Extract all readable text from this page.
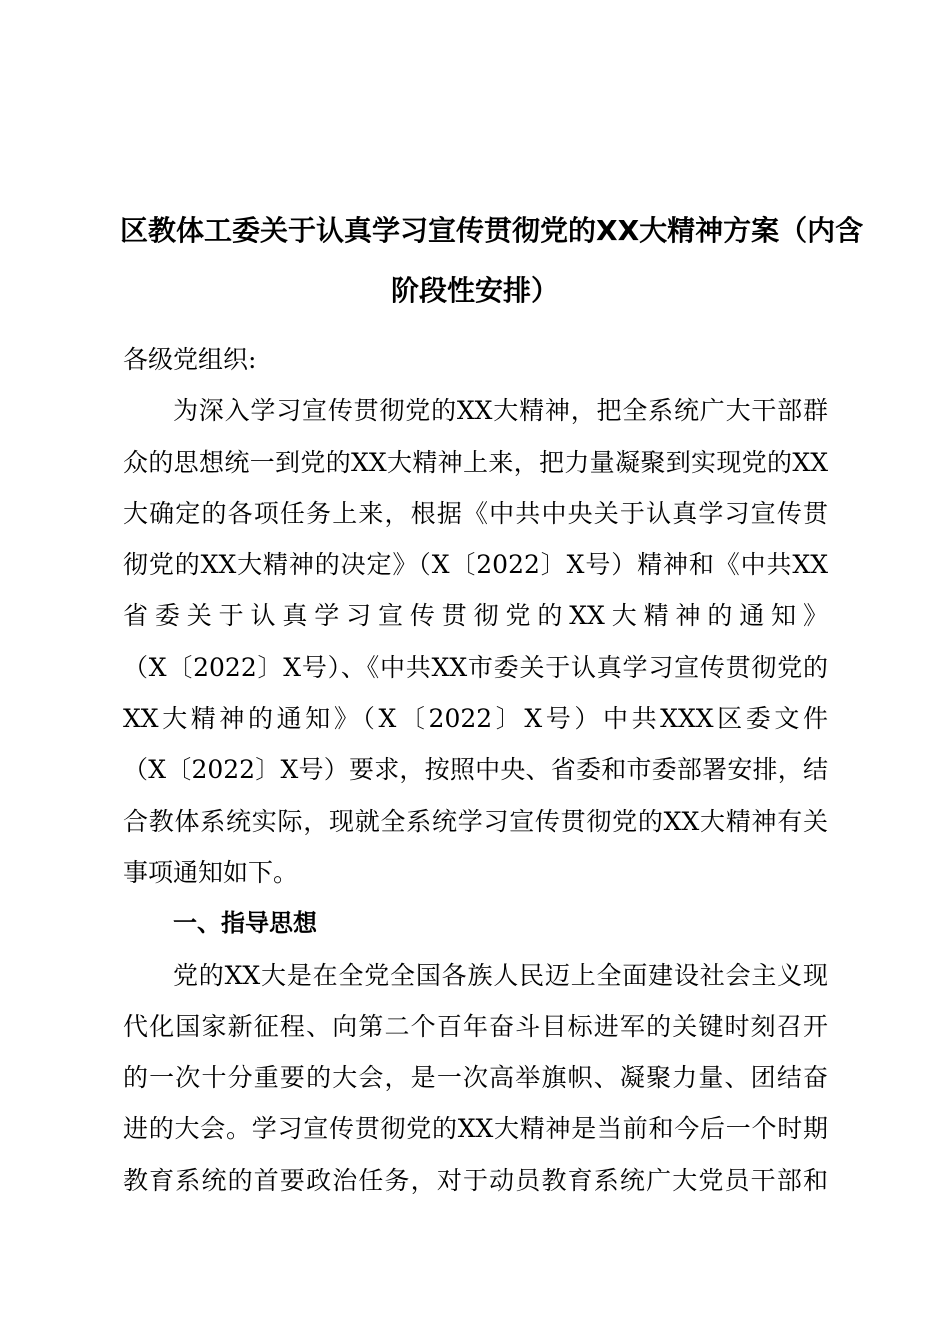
区教体工委关于认真学习宣传贯彻党的XX大精神方案（内含
阶段性安排）
各级党组织:
为深入学习宣传贯彻党的XX大精神，把全系统广大干部群
众的思想统一到党的XX大精神上来，把力量凝聚到实现党的XX
大确定的各项任务上来，根据《中共中央关于认真学习宣传贯
彻党的XX大精神的决定》（X〔2022〕X号）精神和《中共XX
省委关于认真学习宣传贯彻党的XX大精神的通知》
（X〔2022〕X号）、《中共XX市委关于认真学习宣传贯彻党的
XX大精神的通知》（X〔2022〕X号）中共XXX区委文件
（X〔2022〕X号）要求，按照中央、省委和市委部署安排，结
合教体系统实际，现就全系统学习宣传贯彻党的XX大精神有关
事项通知如下。
一、指导思想
党的XX大是在全党全国各族人民迈上全面建设社会主义现
代化国家新征程、向第二个百年奋斗目标进军的关键时刻召开
的一次十分重要的大会，是一次高举旗帜、凝聚力量、团结奋
进的大会。学习宣传贯彻党的XX大精神是当前和今后一个时期
教育系统的首要政治任务，对于动员教育系统广大党员干部和
